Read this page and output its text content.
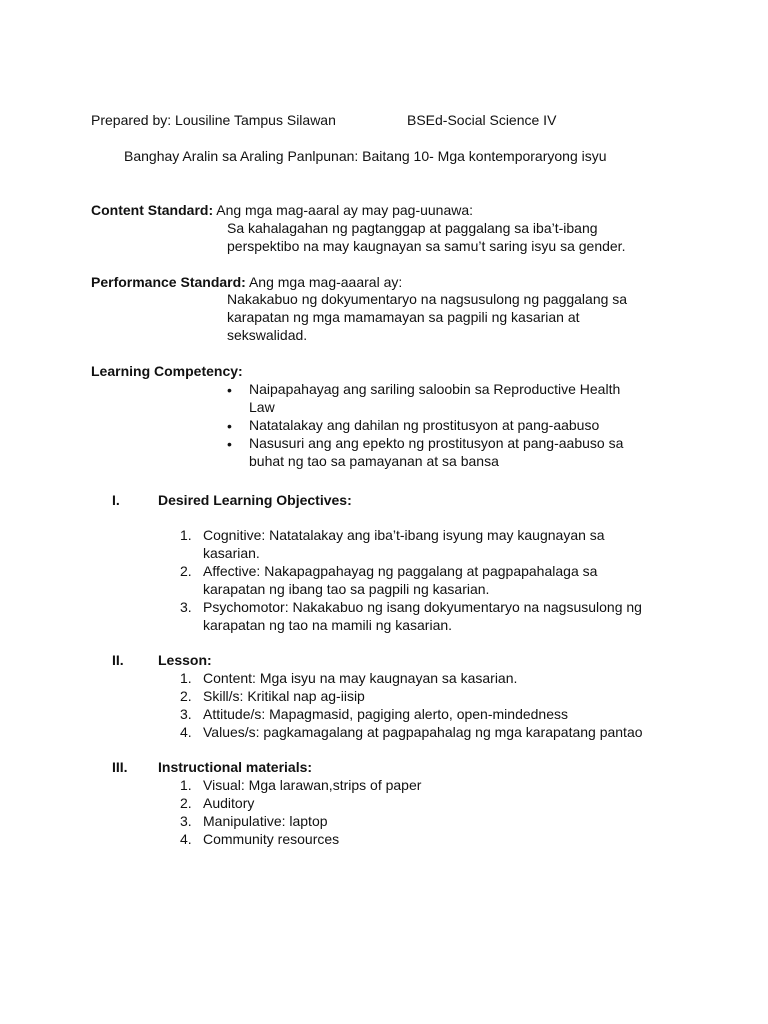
Prepared by: Lousiline Tampus Silawan	BSEd-Social Science IV
Banghay Aralin sa Araling Panlpunan: Baitang 10- Mga kontemporaryong isyu
Content Standard: Ang mga mag-aaral ay may pag-uunawa:
Sa kahalagahan ng pagtanggap at paggalang sa iba’t-ibang
perspektibo na may kaugnayan sa samu’t saring isyu sa gender.
Performance Standard: Ang mga mag-aaaral ay:
Nakakabuo ng dokyumentaryo na nagsusulong ng paggalang sa
karapatan ng mga mamamayan sa pagpili ng kasarian at
sekswalidad.
Learning Competency:
• Naipapahayag ang sariling saloobin sa Reproductive Health
Law
• Natatalakay ang dahilan ng prostitusyon at pang-aabuso
• Nasusuri ang ang epekto ng prostitusyon at pang-aabuso sa
buhat ng tao sa pamayanan at sa bansa
I.	Desired Learning Objectives:
1. Cognitive: Natatalakay ang iba’t-ibang isyung may kaugnayan sa
kasarian.
2. Affective: Nakapagpahayag ng paggalang at pagpapahalaga sa
karapatan ng ibang tao sa pagpili ng kasarian.
3. Psychomotor: Nakakabuo ng isang dokyumentaryo na nagsusulong ng
karapatan ng tao na mamili ng kasarian.
II. Lesson:
1. Content: Mga isyu na may kaugnayan sa kasarian.
2. Skill/s: Kritikal nap ag-iisip
3. Attitude/s: Mapagmasid, pagiging alerto, open-mindedness
4. Values/s: pagkamagalang at pagpapahalag ng mga karapatang pantao
III. Instructional materials:
1. Visual: Mga larawan,strips of paper
2. Auditory
3. Manipulative: laptop
4. Community resources
